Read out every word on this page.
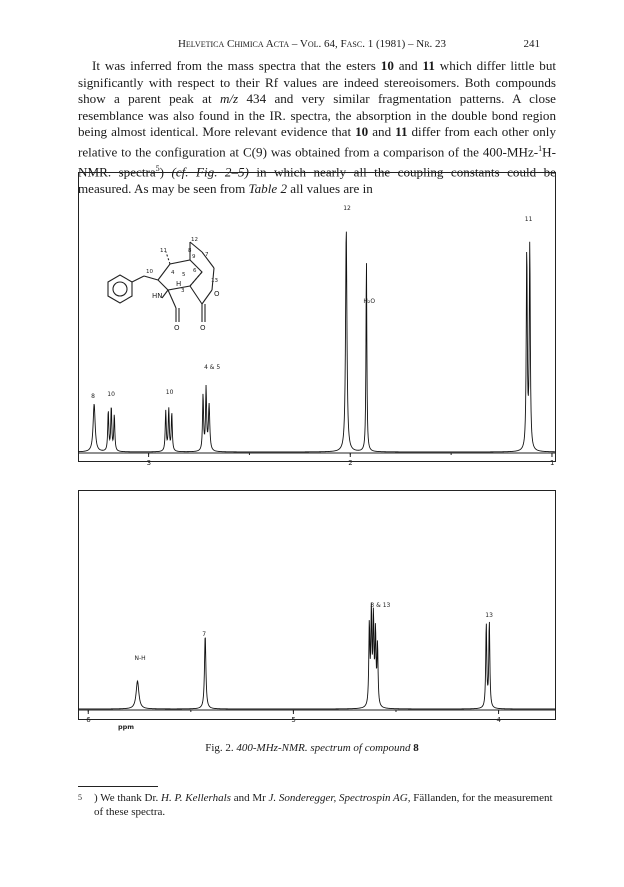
Helvetica Chimica Acta – Vol. 64, Fasc. 1 (1981) – Nr. 23	241

It was inferred from the mass spectra that the esters 10 and 11 which differ little but significantly with respect to their Rf values are indeed stereoisomers. Both compounds show a parent peak at m/z 434 and very similar fragmentation patterns. A close resemblance was also found in the IR. spectra, the absorption in the double bond region being almost identical. More relevant evidence that 10 and 11 differ from each other only relative to the configuration at C(9) was obtained from a comparison of the 400-MHz-$^1$H-NMR. spectra$^5$) (cf. Fig. 2–5) in which nearly all the coupling constants could be measured. As may be seen from Table 2 all values are in

12
11
10
9
8
7
6
5
4
3
13
H
HN
O	O
O
8 10	10
4 & 5
12
H₂O
11
3	2	1
N-H
7
3 & 13
13
6	5	4
ppm
Fig. 2. 400-MHz-NMR. spectrum of compound 8
5 ) We thank Dr. H. P. Kellerhals and Mr J. Sonderegger, Spectrospin AG, Fällanden, for the measurement of these spectra.
